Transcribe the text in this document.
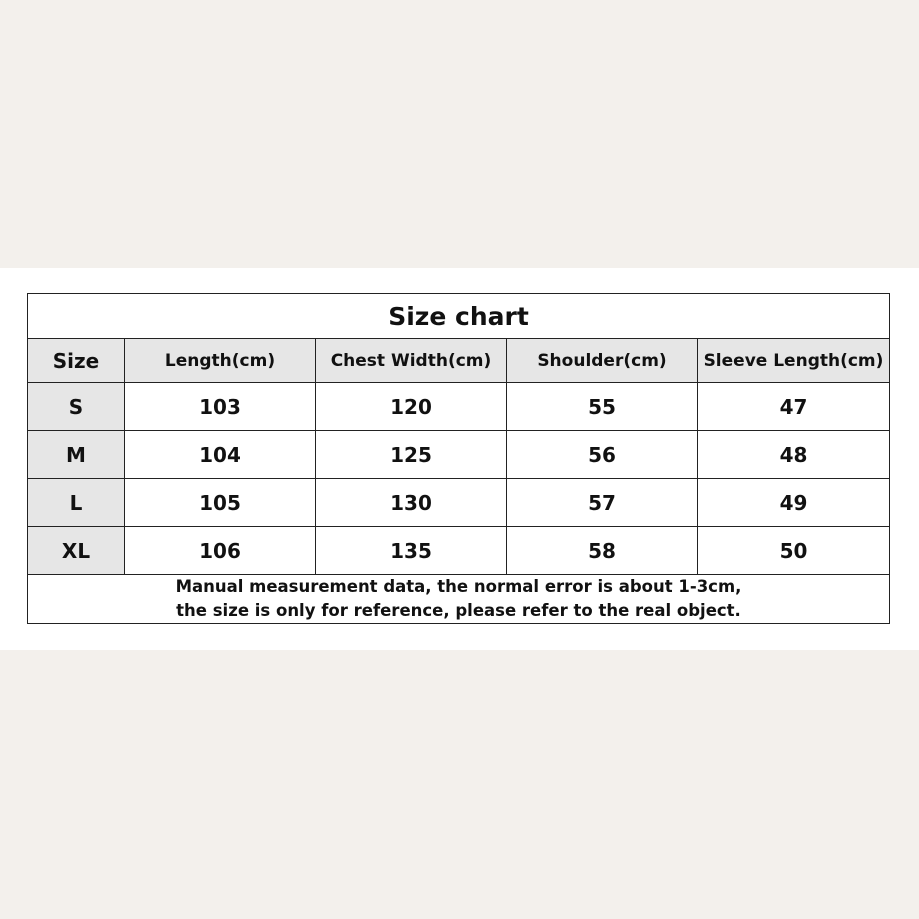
Size chart				
Size	Length(cm)	Chest Width(cm)	Shoulder(cm)	Sleeve Length(cm)
S	103	120	55	47
M	104	125	56	48
L	105	130	57	49
XL	106	135	58	50

Manual measurement data, the normal error is about 1-3cm,
the size is only for reference, please refer to the real object.				
